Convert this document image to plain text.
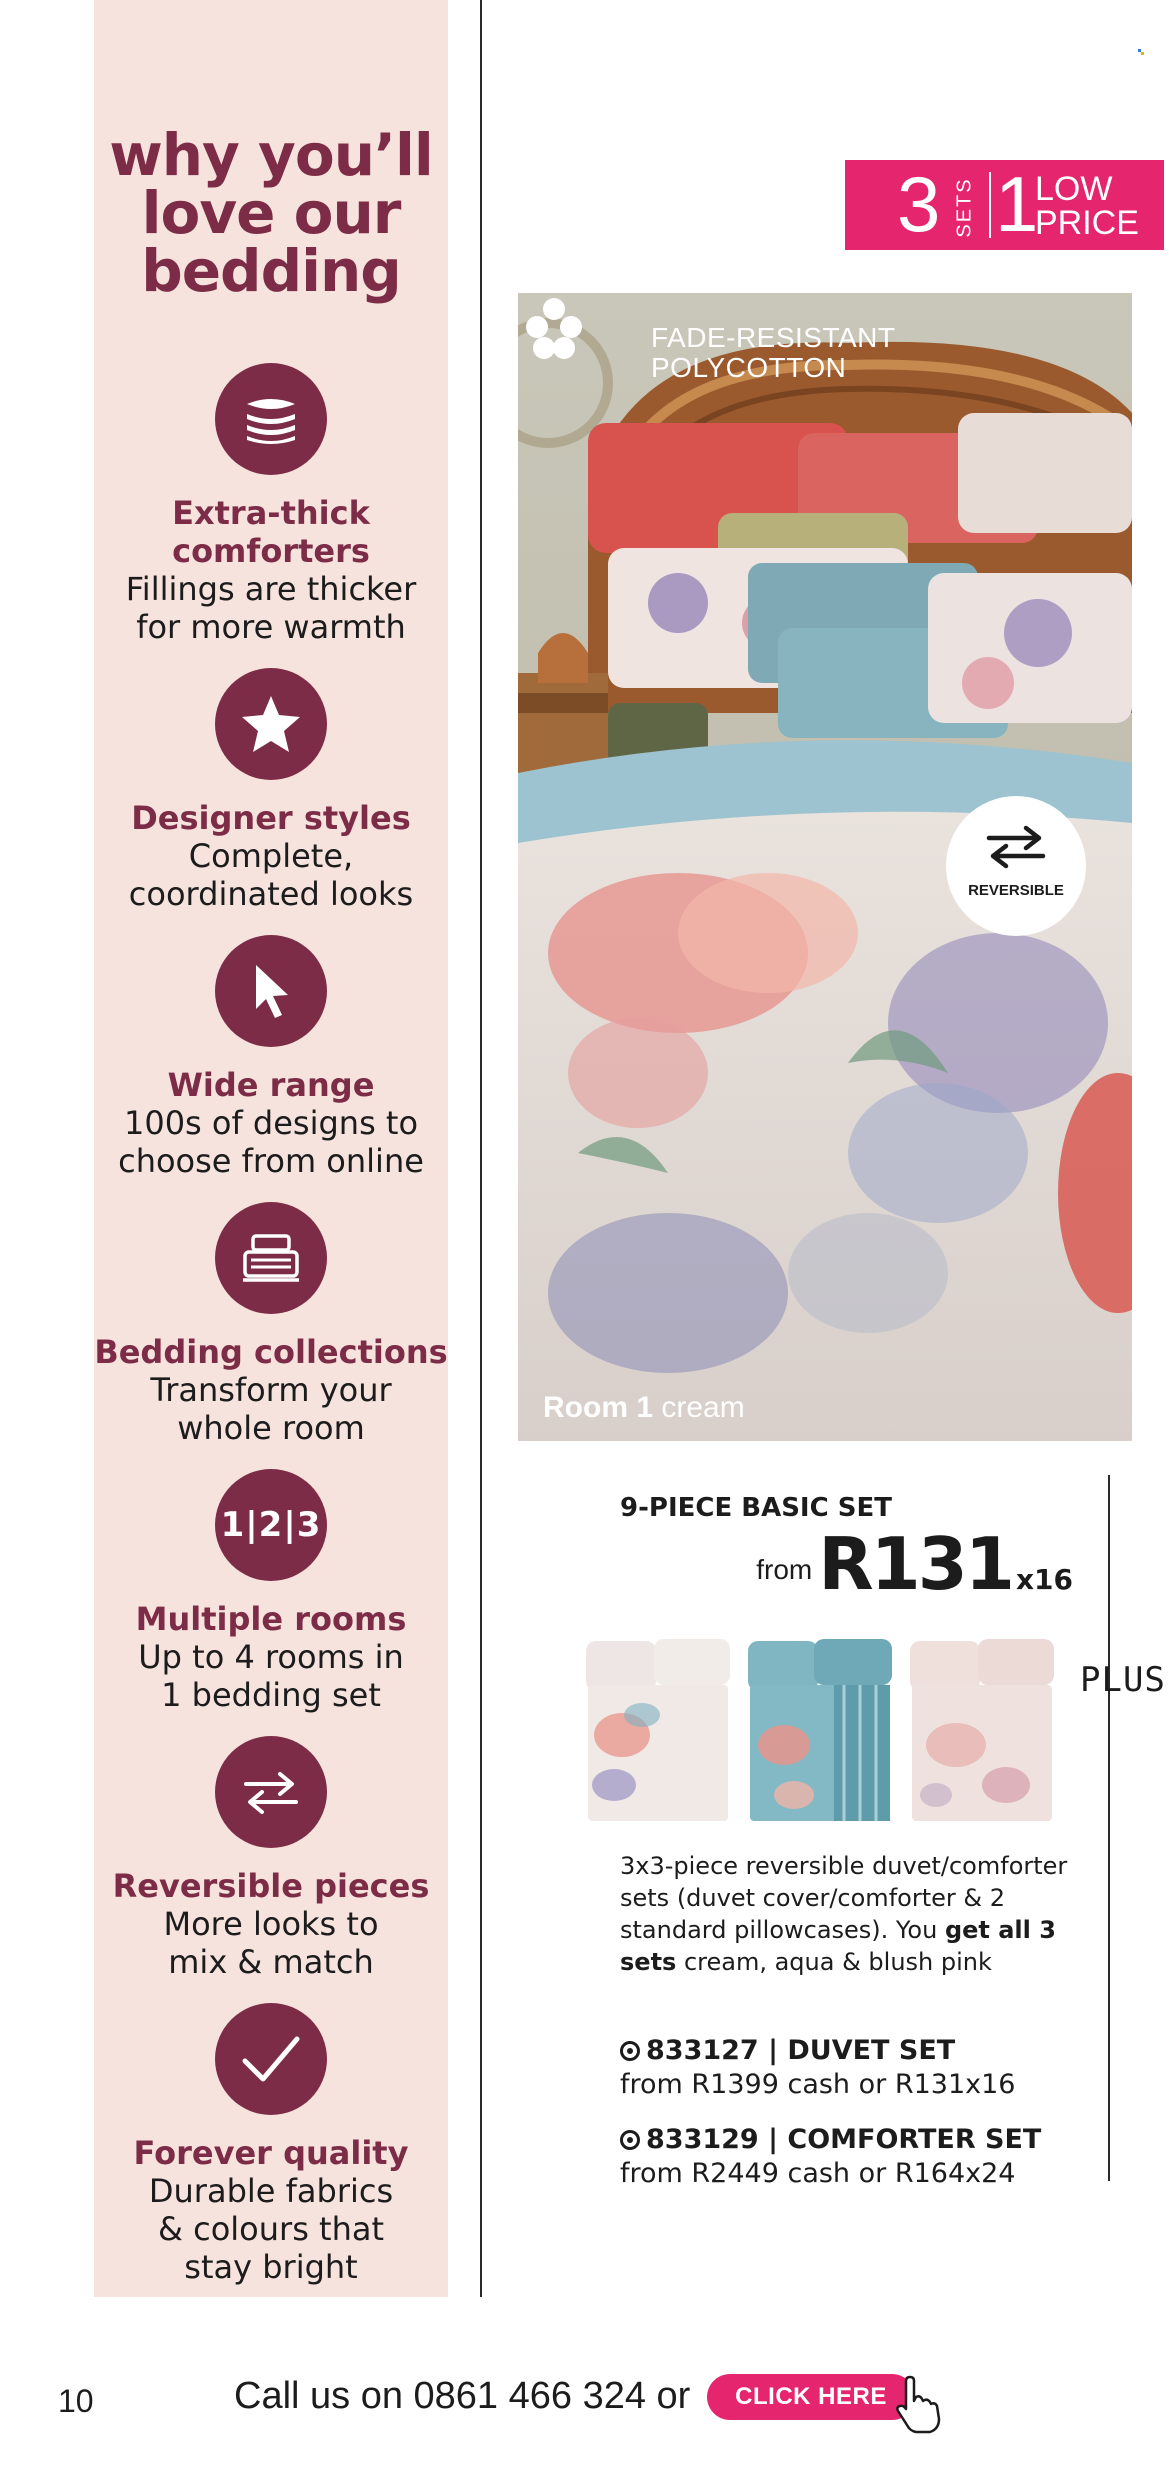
why you’ll
love our
bedding
Extra-thick
comforters
Fillings are thicker
for more warmth
Designer styles
Complete,
coordinated looks
Wide range
100s of designs to
choose from online
Bedding collections
Transform your
whole room
1|2|3
Multiple rooms
Up to 4 rooms in
1 bedding set
Reversible pieces
More looks to
mix & match
Forever quality
Durable fabrics
& colours that
stay bright
3 SETS 1
LOW
PRICE
FADE-RESISTANT
POLYCOTTON
REVERSIBLE
Room 1 cream
9-PIECE BASIC SET
fromR131 x16
PLUS
3x3-piece reversible duvet/comforter sets (duvet cover/comforter & 2 standard pillowcases). You get all 3 sets cream, aqua & blush pink
833127 | DUVET SET
from R1399 cash or R131x16
833129 | COMFORTER SET
from R2449 cash or R164x24
10	Call us on 0861 466 324 or	CLICK HERE
